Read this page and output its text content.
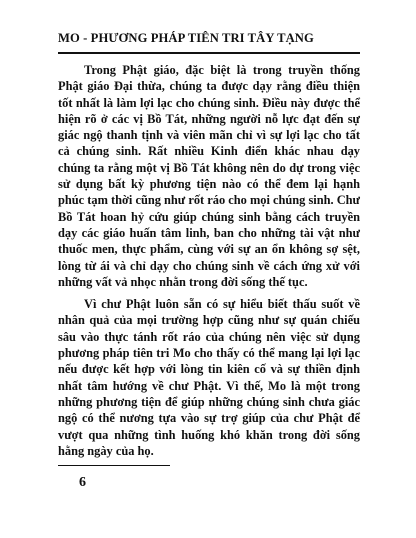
MO - PHƯƠNG PHÁP TIÊN TRI TÂY TẠNG

Trong Phật giáo, đặc biệt là trong truyền thống Phật giáo Đại thừa, chúng ta được dạy rằng điều thiện tốt nhất là làm lợi lạc cho chúng sinh. Điều này được thể hiện rõ ở các vị Bồ Tát, những người nỗ lực đạt đến sự giác ngộ thanh tịnh và viên mãn chỉ vì sự lợi lạc cho tất cả chúng sinh. Rất nhiều Kinh điển khác nhau dạy chúng ta rằng một vị Bồ Tát không nên do dự trong việc sử dụng bất kỳ phương tiện nào có thể đem lại hạnh phúc tạm thời cũng như rốt ráo cho mọi chúng sinh. Chư Bồ Tát hoan hỷ cứu giúp chúng sinh bằng cách truyền dạy các giáo huấn tâm linh, ban cho những tài vật như thuốc men, thực phẩm, cùng với sự an ổn không sợ sệt, lòng từ ái và chỉ dạy cho chúng sinh về cách ứng xử với những vất vả nhọc nhằn trong đời sống thế tục.

Vì chư Phật luôn sẵn có sự hiểu biết thấu suốt về nhân quả của mọi trường hợp cũng như sự quán chiếu sâu vào thực tánh rốt ráo của chúng nên việc sử dụng phương pháp tiên tri Mo cho thấy có thể mang lại lợi lạc nếu được kết hợp với lòng tin kiên cố và sự thiền định nhất tâm hướng về chư Phật. Vì thế, Mo là một trong những phương tiện để giúp những chúng sinh chưa giác ngộ có thể nương tựa vào sự trợ giúp của chư Phật để vượt qua những tình huống khó khăn trong đời sống hằng ngày của họ.

6
